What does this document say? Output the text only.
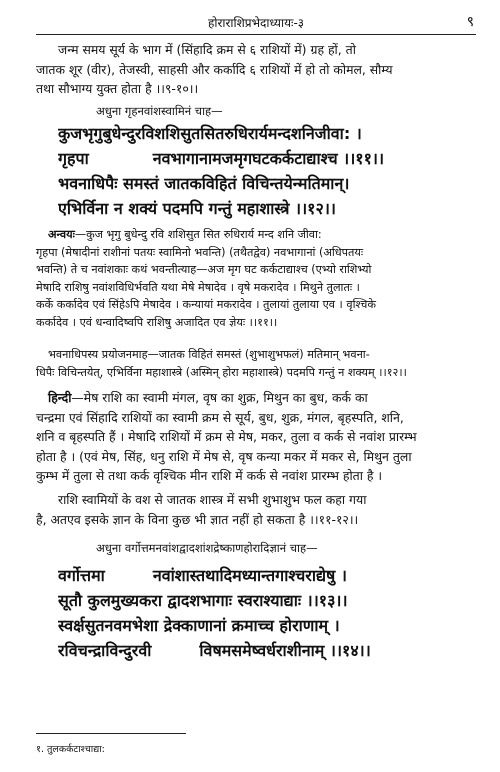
होराराशिप्रभेदाध्यायः-३	९
जन्म समय सूर्य के भाग में (सिंहादि क्रम से ६ राशियों में) ग्रह हों, तो
जातक शूर (वीर), तेजस्वी, साहसी और कर्कादि ६ राशियों में हो तो कोमल, सौम्य
तथा सौभाग्य युक्त होता है ।।९-१०।।
अधुना गृहनवांशस्वामिनं चाह—
कुजभृगुबुधेन्दुरविशशिसुतसितरुधिरार्यमन्दशनिजीवा: ।
गृहपा	नवभागानामजमृगघटकर्कटाद्याश्च ।।११।।
भवनाधिपैः समस्तं जातकविहितं विचिन्तयेन्मतिमान्।
एभिर्विना न शक्यं पदमपि गन्तुं महाशास्त्रे ।।१२।।
अन्वयः—कुज भृगु बुधेन्दु रवि शशिसुत सित रुधिरार्य मन्द शनि जीवा:
गृहपा (मेषादीनां राशीनां पतयः स्वामिनो भवन्ति) (तथैतद्वेव) नवभागानां (अधिपतयः
भवन्ति) ते च नवांशकाः कथं भवन्तीत्याह—अज मृग घट कर्कटाद्याश्च (एभ्यो राशिभ्यो
मेषादि राशिषु नवांशविधिर्भवति यथा मेषे मेषादेव । वृषे मकरादेव । मिथुने तुलातः ।
कर्के कर्कादेव एवं सिंहेऽपि मेषादेव । कन्यायां मकरादेव । तुलायां तुलाया एव । वृश्चिके
कर्कादेव । एवं धन्वादिष्वपि राशिषु अजादित एव ज्ञेयः ।।११।।
भवनाधिपस्य प्रयोजनमाह—जातक विहितं समस्तं (शुभाशुभफलं) मतिमान् भवना-
धिपैः विचिन्तयेत्, एभिर्विना महाशास्त्रे (अस्मिन् होरा महाशास्त्रे) पदमपि गन्तुं न शक्यम् ।।१२।।
हिन्दी—मेष राशि का स्वामी मंगल, वृष का शुक्र, मिथुन का बुध, कर्क का
चन्द्रमा एवं सिंहादि राशियों का स्वामी क्रम से सूर्य, बुध, शुक्र, मंगल, बृहस्पति, शनि,
शनि व बृहस्पति हैं । मेषादि राशियों में क्रम से मेष, मकर, तुला व कर्क से नवांश प्रारम्भ
होता है । (एवं मेष, सिंह, धनु राशि में मेष से, वृष कन्या मकर में मकर से, मिथुन तुला
कुम्भ में तुला से तथा कर्क वृश्चिक मीन राशि में कर्क से नवांश प्रारम्भ होता है ।
राशि स्वामियों के वश से जातक शास्त्र में सभी शुभाशुभ फल कहा गया
है, अतएव इसके ज्ञान के विना कुछ भी ज्ञात नहीं हो सकता है ।।११-१२।।
अधुना वर्गोत्तमनवांशद्वादशांशद्रेष्काणहोरादिज्ञानं चाह—
वर्गोत्तमा	नवांशास्तथादिमध्यान्तगाश्चराद्येषु ।
सूतौ कुलमुख्यकरा द्वादशभागाः स्वराश्याद्याः ।।१३।।
स्वर्क्षसुतनवमभेशा द्रेक्काणानां क्रमाच्च होराणाम् ।
रविचन्द्राविन्दुरवी	विषमसमेष्वर्धराशीनाम् ।।१४।।
१. तुलकर्कटाश्चाद्या:
